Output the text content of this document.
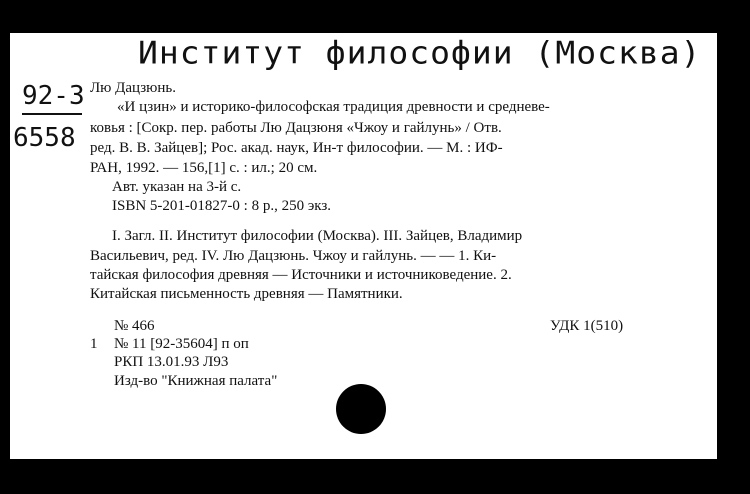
Институт философии (Москва)
92-3
6558
Лю Дацзюнь.
«И цзин» и историко-философская традиция древности и средневе-
ковья : [Сокр. пер. работы Лю Дацзюня «Чжоу и гайлунь» / Отв.
ред. В. В. Зайцев]; Рос. акад. наук, Ин-т философии. — М. : ИФ-
РАН, 1992. — 156,[1] с. : ил.; 20 см.
Авт. указан на 3-й с.
ISBN 5-201-01827-0 : 8 р., 250 экз.
I. Загл. II. Институт философии (Москва). III. Зайцев, Владимир
Васильевич, ред. IV. Лю Дацзюнь. Чжоу и гайлунь. — — 1. Ки-
тайская философия древняя — Источники и источниковедение. 2.
Китайская письменность древняя — Памятники.
№ 466	УДК 1(510)
1 № 11 [92-35604] п оп
РКП 13.01.93 Л93
Изд-во "Книжная палата"
